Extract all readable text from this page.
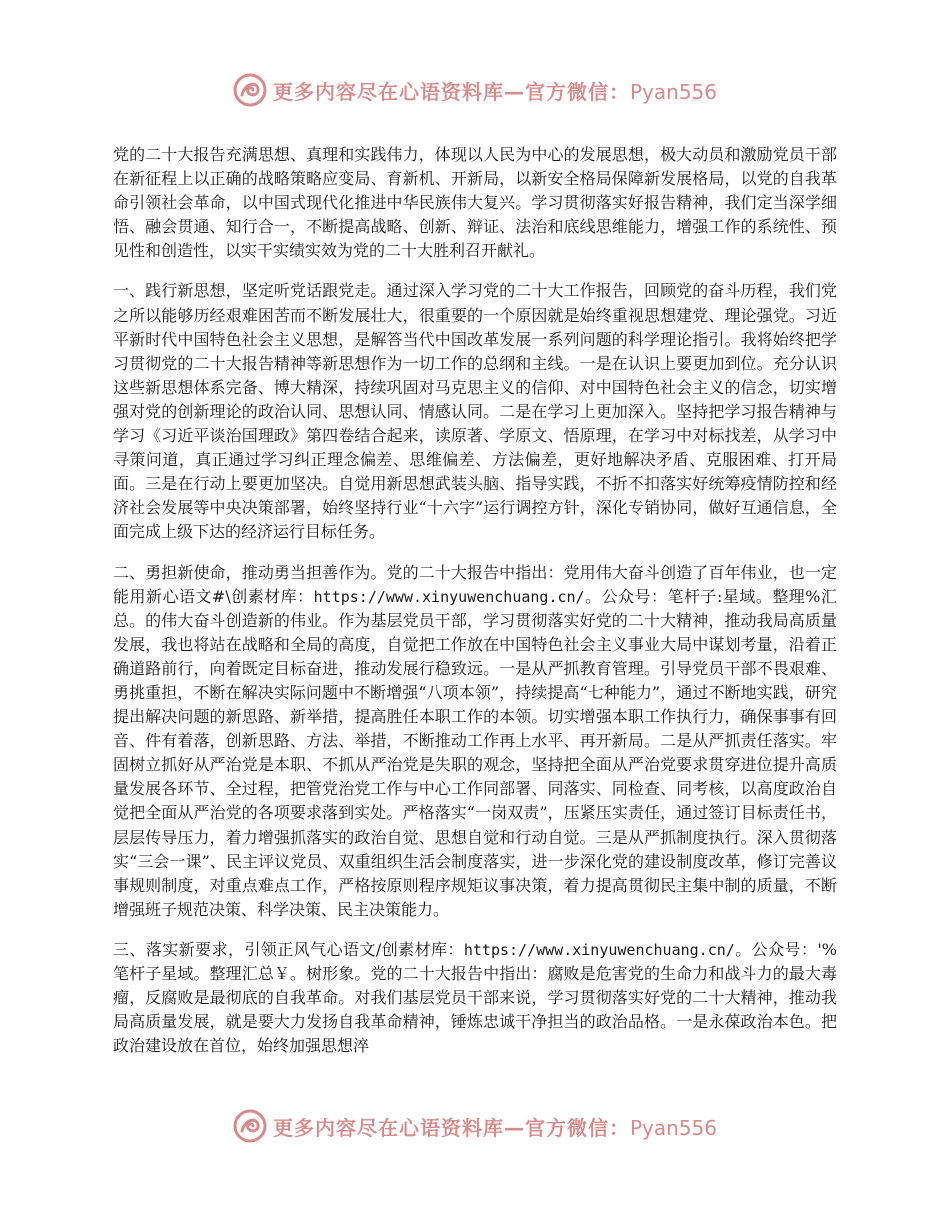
更多内容尽在心语资料库—官方微信：Pyan556

党的二十大报告充满思想、真理和实践伟力，体现以人民为中心的发展思想，极大动员和激励党员干部在新征程上以正确的战略策略应变局、育新机、开新局，以新安全格局保障新发展格局，以党的自我革命引领社会革命，以中国式现代化推进中华民族伟大复兴。学习贯彻落实好报告精神，我们定当深学细悟、融会贯通、知行合一，不断提高战略、创新、辩证、法治和底线思维能力，增强工作的系统性、预见性和创造性，以实干实绩实效为党的二十大胜利召开献礼。

一、践行新思想，坚定听党话跟党走。通过深入学习党的二十大工作报告，回顾党的奋斗历程，我们党之所以能够历经艰难困苦而不断发展壮大，很重要的一个原因就是始终重视思想建党、理论强党。习近平新时代中国特色社会主义思想，是解答当代中国改革发展一系列问题的科学理论指引。我将始终把学习贯彻党的二十大报告精神等新思想作为一切工作的总纲和主线。一是在认识上要更加到位。充分认识这些新思想体系完备、博大精深，持续巩固对马克思主义的信仰、对中国特色社会主义的信念，切实增强对党的创新理论的政治认同、思想认同、情感认同。二是在学习上更加深入。坚持把学习报告精神与学习《习近平谈治国理政》第四卷结合起来，读原著、学原文、悟原理，在学习中对标找差，从学习中寻策问道，真正通过学习纠正理念偏差、思维偏差、方法偏差，更好地解决矛盾、克服困难、打开局面。三是在行动上要更加坚决。自觉用新思想武装头脑、指导实践，不折不扣落实好统筹疫情防控和经济社会发展等中央决策部署，始终坚持行业“十六字”运行调控方针，深化专销协同，做好互通信息，全面完成上级下达的经济运行目标任务。

二、勇担新使命，推动勇当担善作为。党的二十大报告中指出：党用伟大奋斗创造了百年伟业，也一定能用新心语文#\创素材库：https://www.xinyuwenchuang.cn/。公众号：笔杆子:星域。整理%汇总。的伟大奋斗创造新的伟业。作为基层党员干部，学习贯彻落实好党的二十大精神，推动我局高质量发展，我也将站在战略和全局的高度，自觉把工作放在中国特色社会主义事业大局中谋划考量，沿着正确道路前行，向着既定目标奋进，推动发展行稳致远。一是从严抓教育管理。引导党员干部不畏艰难、勇挑重担，不断在解决实际问题中不断增强“八项本领”，持续提高“七种能力”，通过不断地实践，研究提出解决问题的新思路、新举措，提高胜任本职工作的本领。切实增强本职工作执行力，确保事事有回音、件有着落，创新思路、方法、举措，不断推动工作再上水平、再开新局。二是从严抓责任落实。牢固树立抓好从严治党是本职、不抓从严治党是失职的观念，坚持把全面从严治党要求贯穿进位提升高质量发展各环节、全过程，把管党治党工作与中心工作同部署、同落实、同检查、同考核，以高度政治自觉把全面从严治党的各项要求落到实处。严格落实“一岗双责”，压紧压实责任，通过签订目标责任书，层层传导压力，着力增强抓落实的政治自觉、思想自觉和行动自觉。三是从严抓制度执行。深入贯彻落实“三会一课”、民主评议党员、双重组织生活会制度落实，进一步深化党的建设制度改革，修订完善议事规则制度，对重点难点工作，严格按原则程序规矩议事决策，着力提高贯彻民主集中制的质量，不断增强班子规范决策、科学决策、民主决策能力。

三、落实新要求，引领正风气心语文/创素材库：https://www.xinyuwenchuang.cn/。公众号：'%笔杆子星域。整理汇总￥。树形象。党的二十大报告中指出：腐败是危害党的生命力和战斗力的最大毒瘤，反腐败是最彻底的自我革命。对我们基层党员干部来说，学习贯彻落实好党的二十大精神，推动我局高质量发展，就是要大力发扬自我革命精神，锤炼忠诚干净担当的政治品格。一是永葆政治本色。把政治建设放在首位，始终加强思想淬

更多内容尽在心语资料库—官方微信：Pyan556
